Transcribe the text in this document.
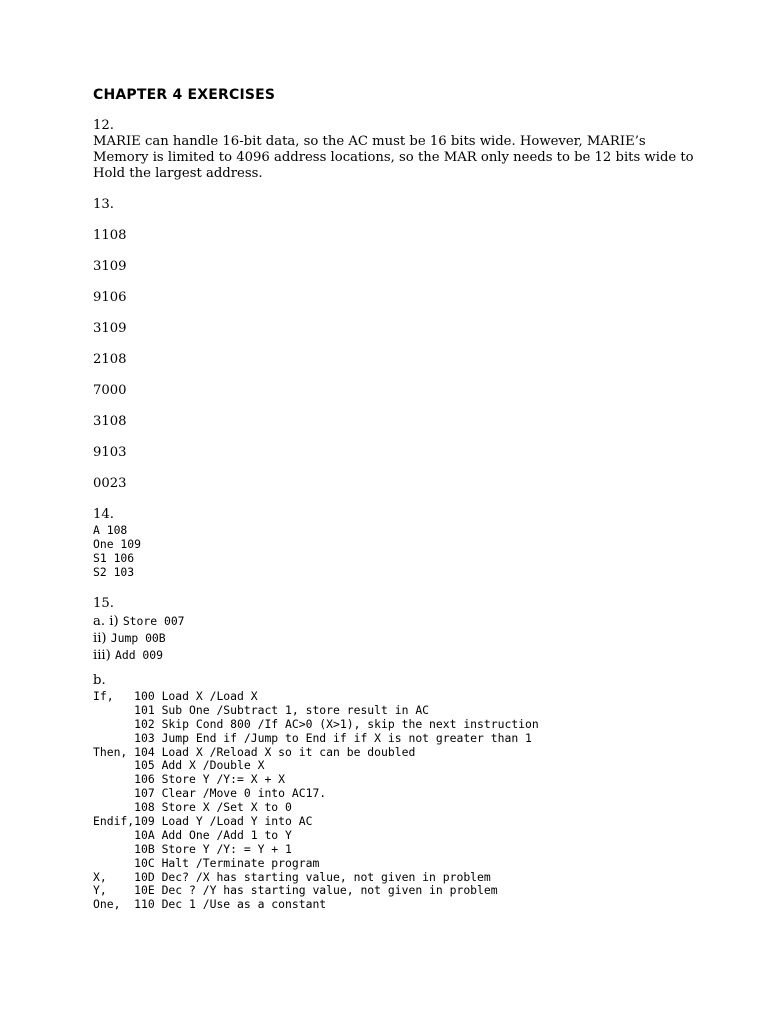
CHAPTER 4 EXERCISES
12.

MARIE can handle 16-bit data, so the AC must be 16 bits wide. However, MARIE’s

Memory is limited to 4096 address locations, so the MAR only needs to be 12 bits wide to

Hold the largest address.

13.
1108
3109
9106
3109
2108
7000
3108
9103
0023
14.
A 108
One 109
S1 106
S2 103
15.
a. i) Store 007
ii) Jump 00B
iii) Add 009
b.
If,   100 Load X /Load X
101 Sub One /Subtract 1, store result in AC
102 Skip Cond 800 /If AC>0 (X>1), skip the next instruction
103 Jump End if /Jump to End if if X is not greater than 1
Then, 104 Load X /Reload X so it can be doubled
105 Add X /Double X
106 Store Y /Y:= X + X
107 Clear /Move 0 into AC17.
108 Store X /Set X to 0
Endif,109 Load Y /Load Y into AC
10A Add One /Add 1 to Y
10B Store Y /Y: = Y + 1
10C Halt /Terminate program
X,    10D Dec? /X has starting value, not given in problem
Y,    10E Dec ? /Y has starting value, not given in problem
One,  110 Dec 1 /Use as a constant
